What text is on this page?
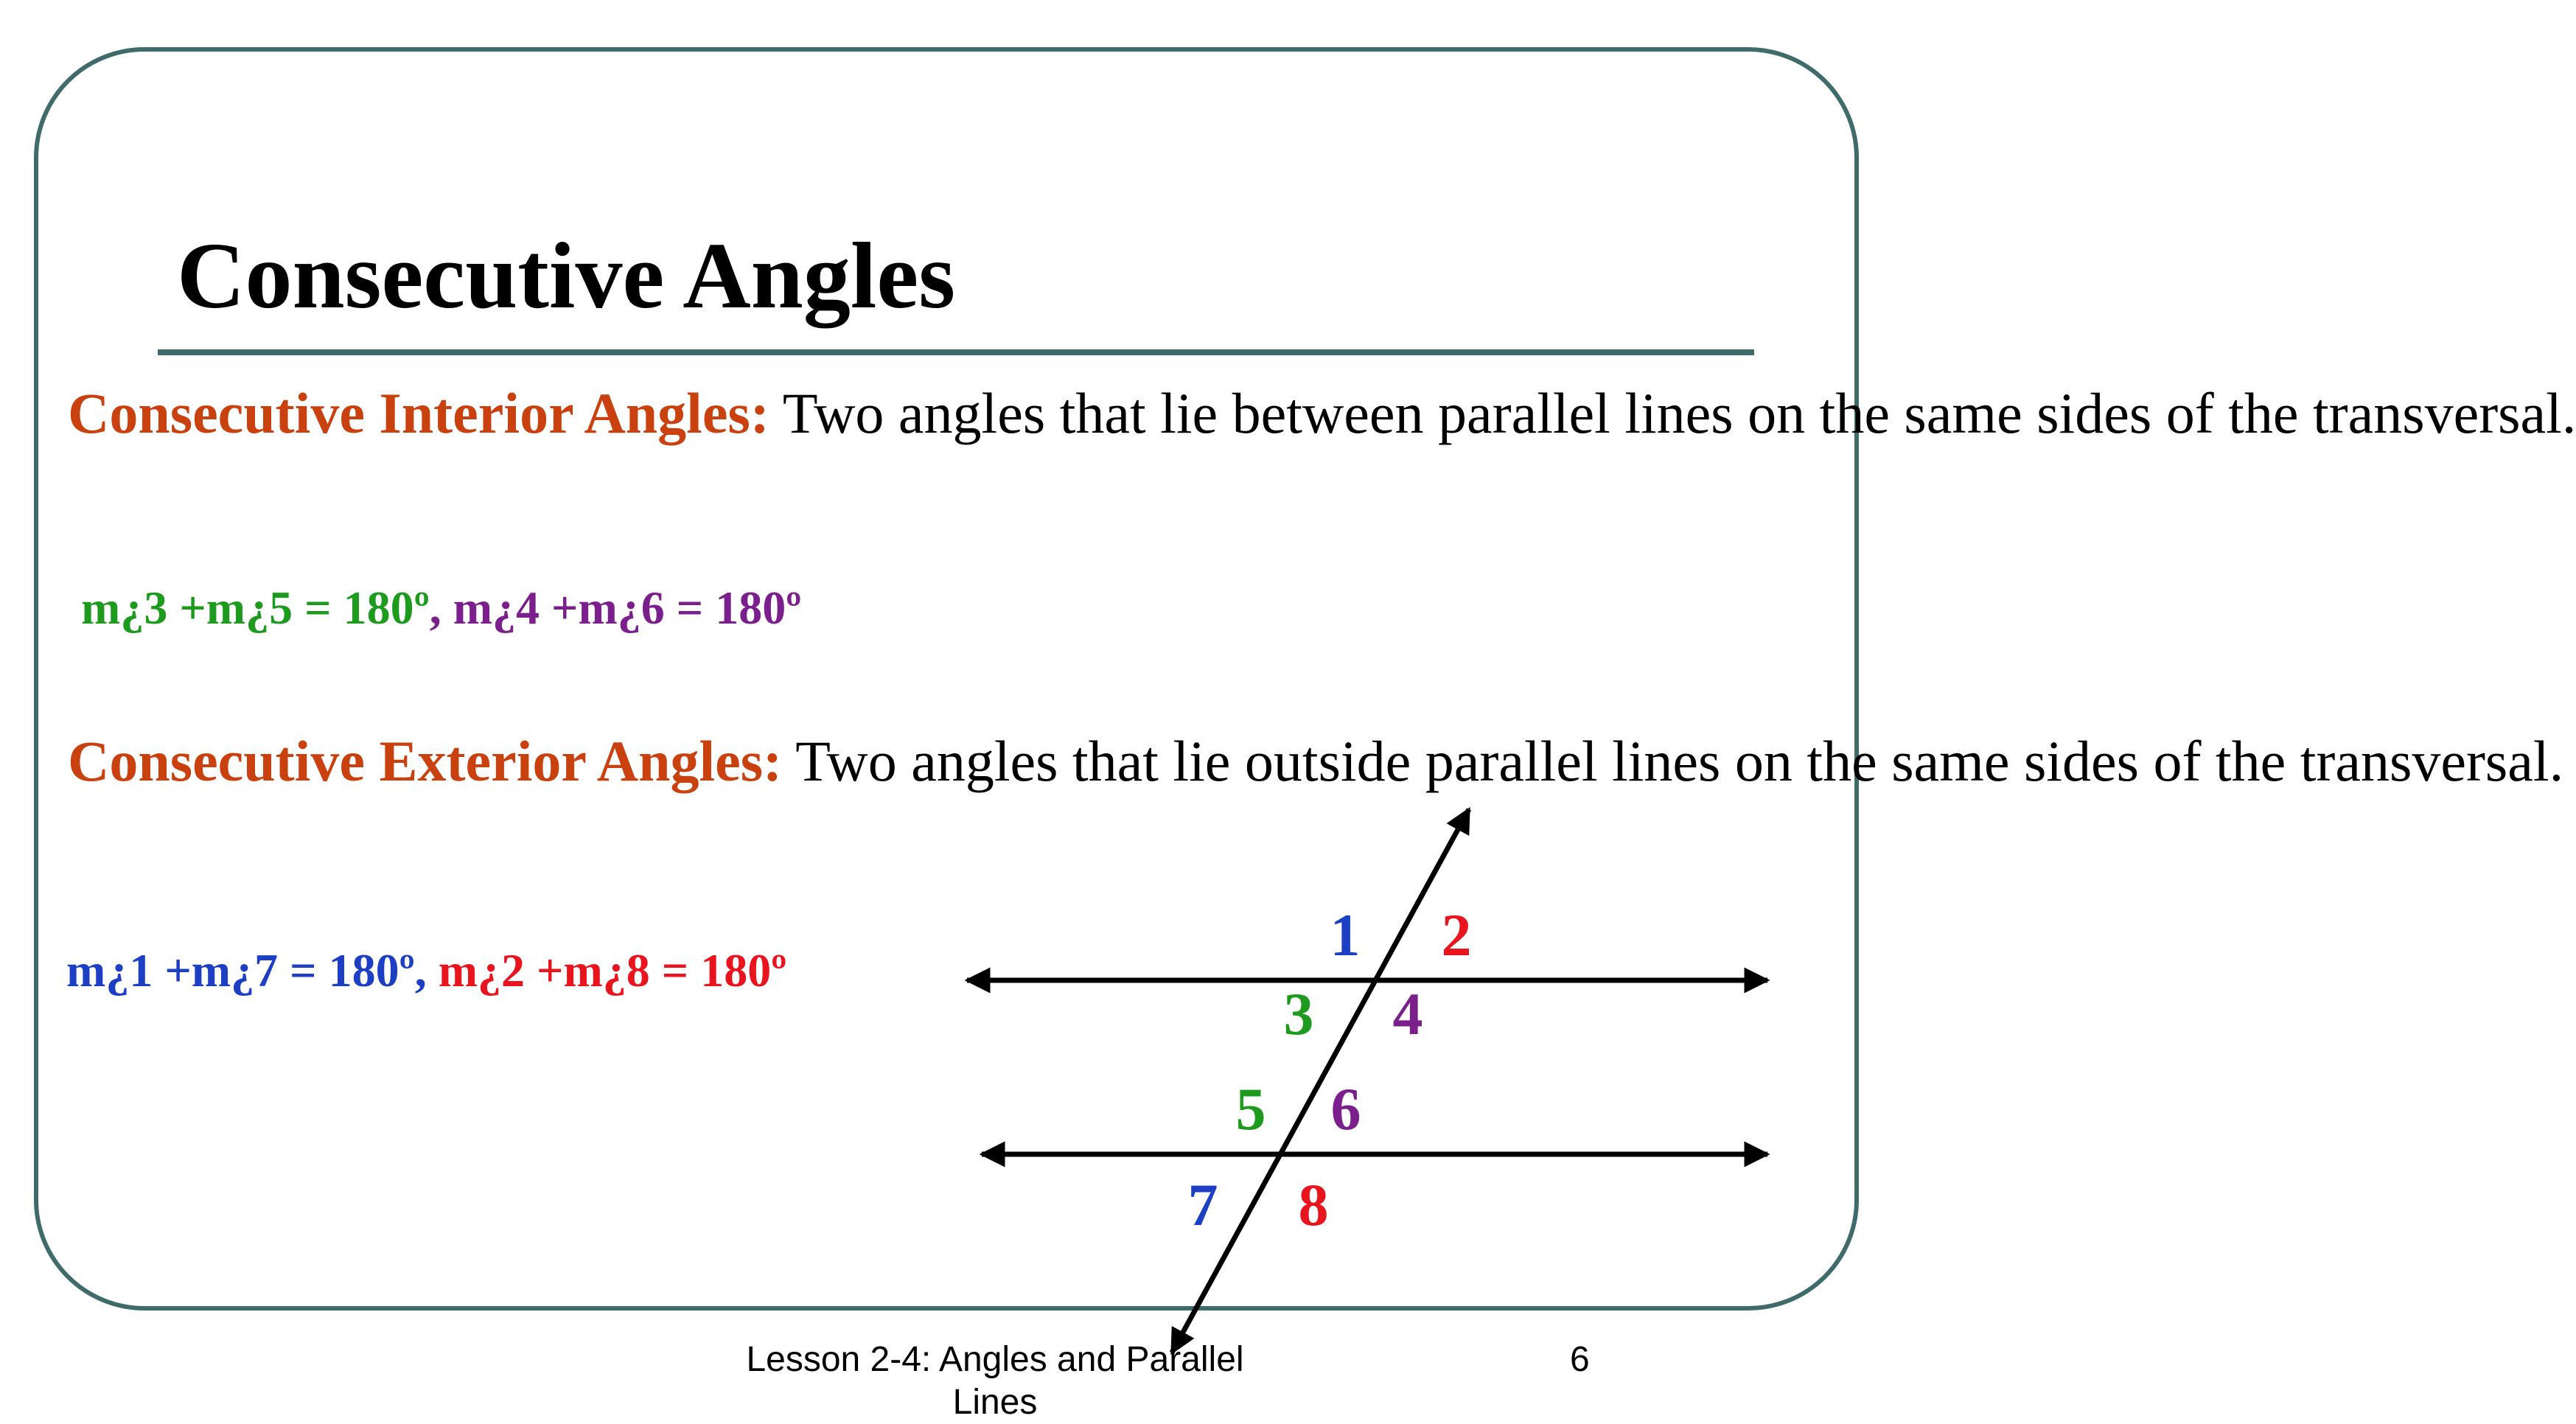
Consecutive Angles
Consecutive Interior Angles: Two angles that lie between parallel lines on the same sides of the transversal.
m¿3 +m¿5 = 180º, m¿4 +m¿6 = 180º
Consecutive Exterior Angles: Two angles that lie outside parallel lines on the same sides of the transversal.
m¿1 +m¿7 = 180º, m¿2 +m¿8 = 180º
1 2
3 4
5 6
7 8
Lesson 2-4: Angles and Parallel Lines
6
